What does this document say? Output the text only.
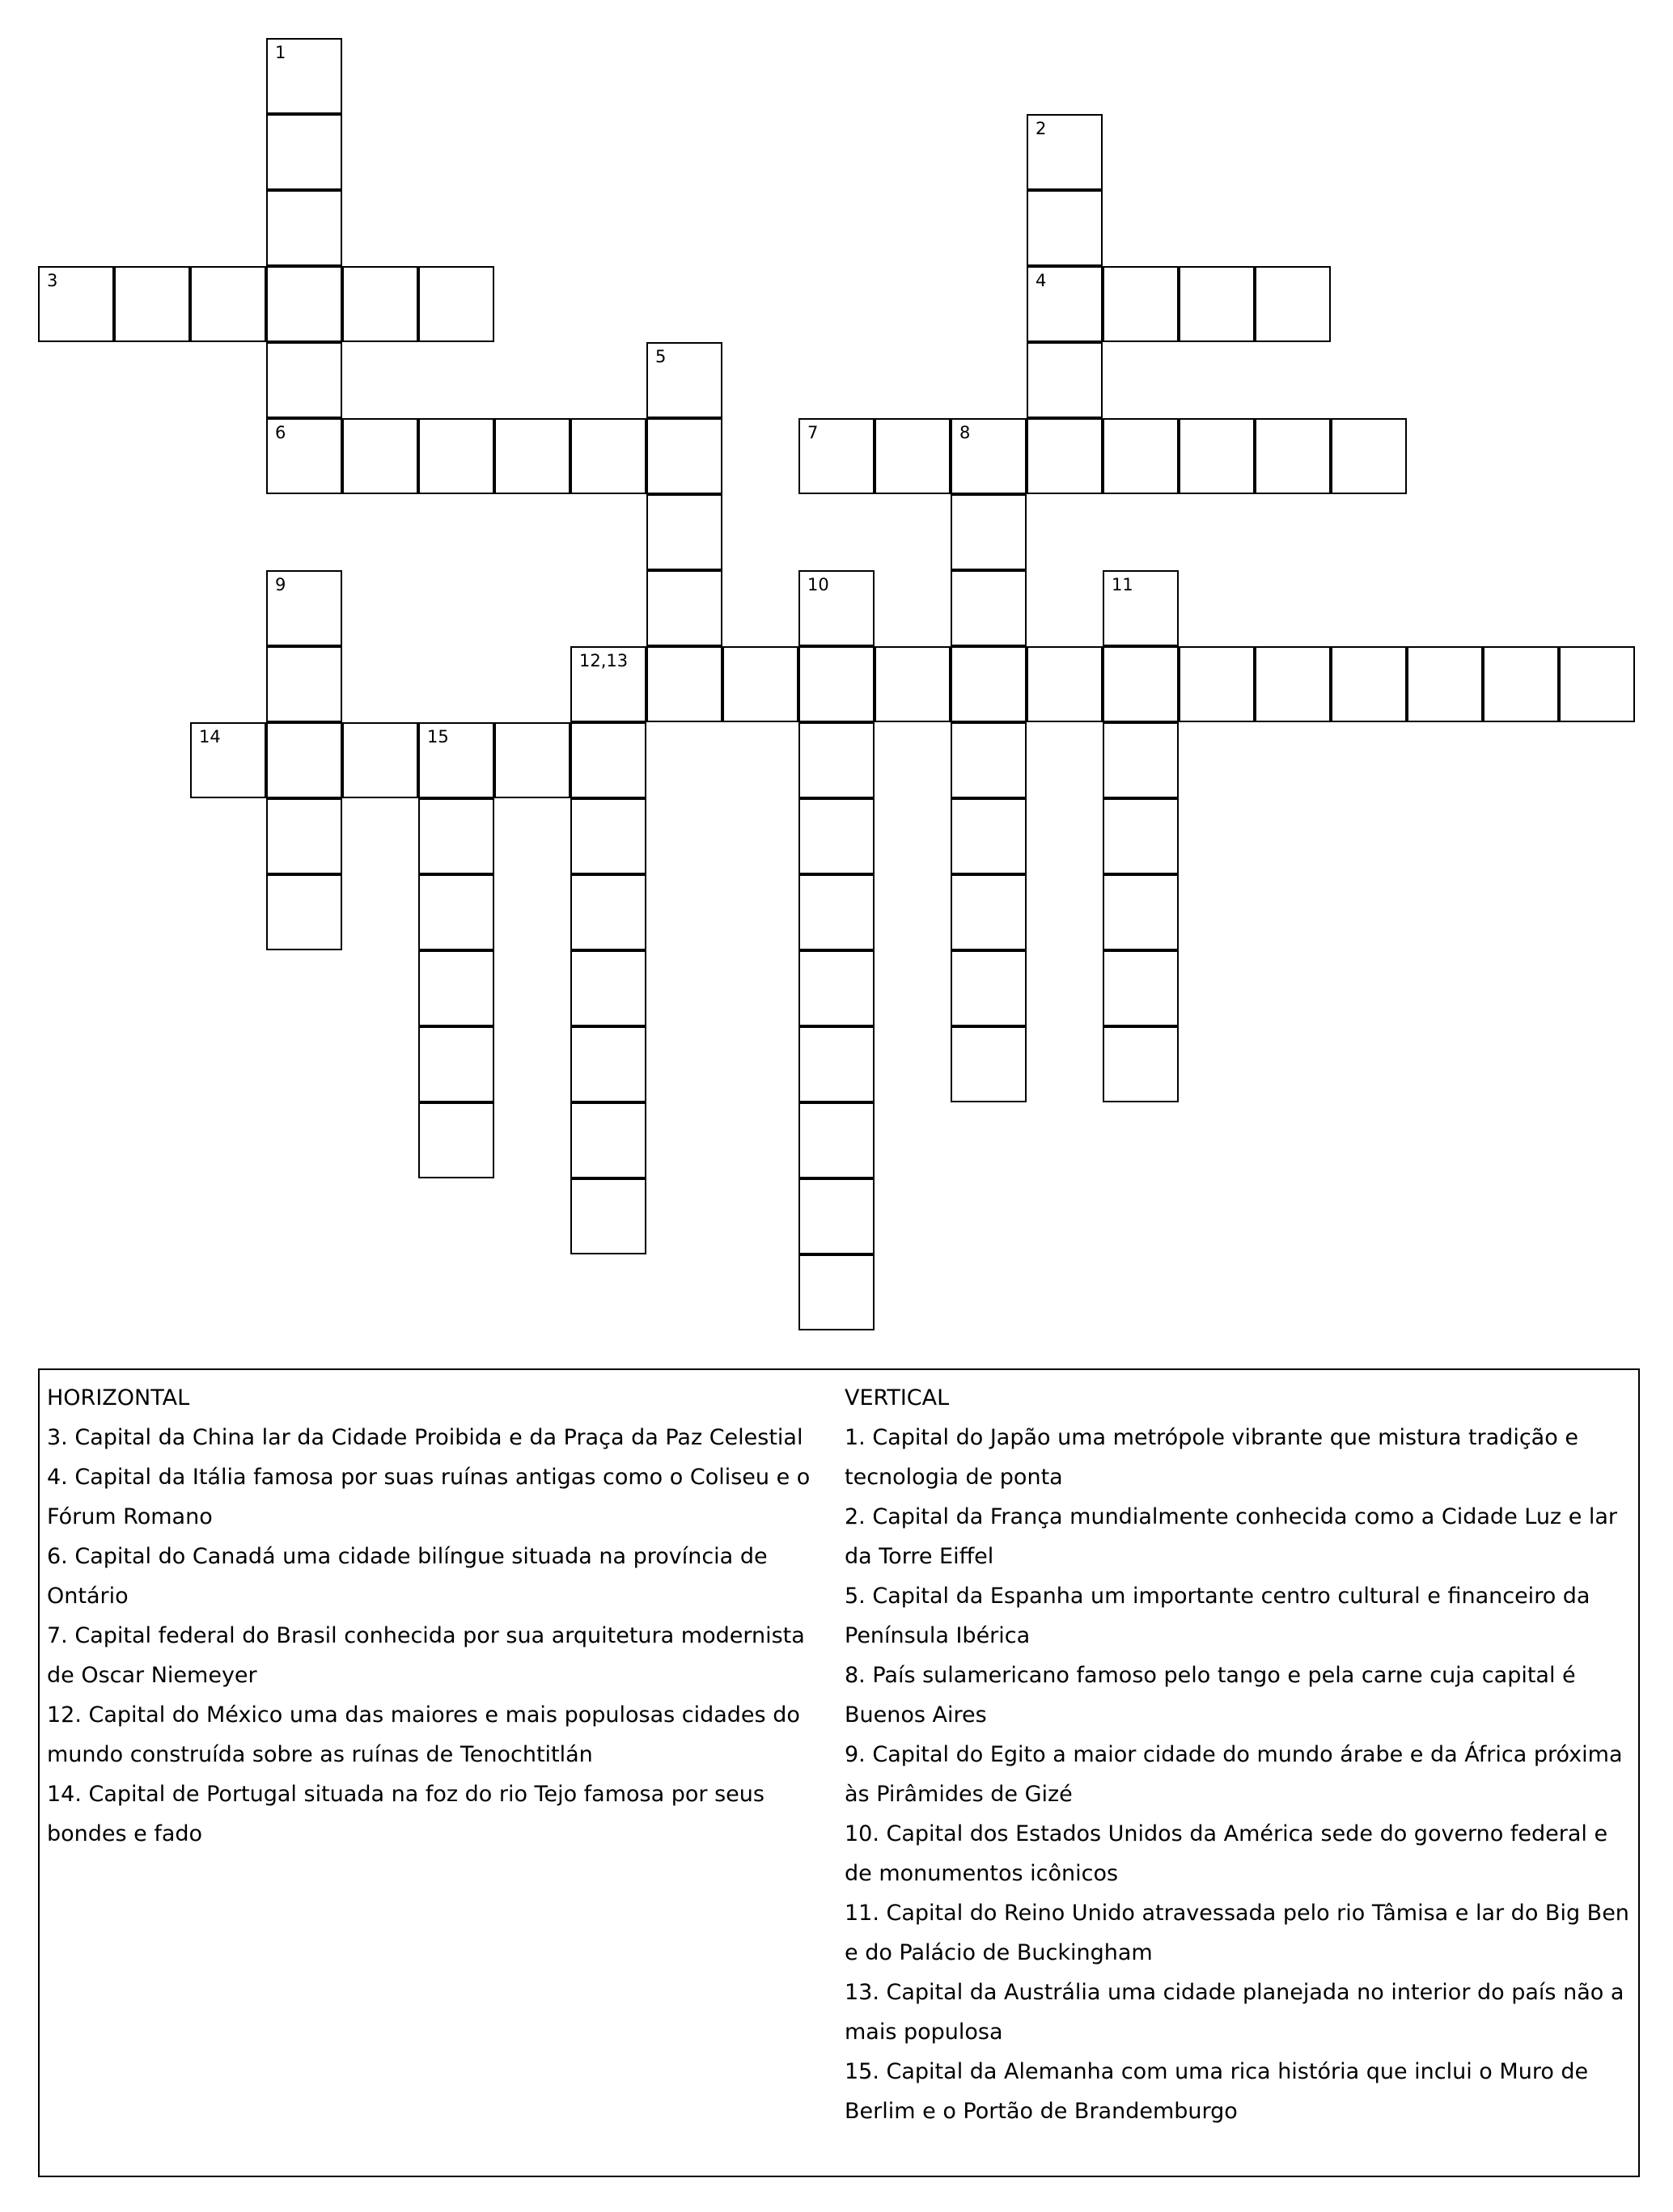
1
2
4
3
5
6	7	8
9	10	11
12,13
14	15
HORIZONTAL
3. Capital da China lar da Cidade Proibida e da Praça da Paz Celestial
4. Capital da Itália famosa por suas ruínas antigas como o Coliseu e o Fórum Romano
6. Capital do Canadá uma cidade bilíngue situada na província de Ontário
7. Capital federal do Brasil conhecida por sua arquitetura modernista de Oscar Niemeyer
12. Capital do México uma das maiores e mais populosas cidades do mundo construída sobre as ruínas de Tenochtitlán
14. Capital de Portugal situada na foz do rio Tejo famosa por seus bondes e fado
VERTICAL
1. Capital do Japão uma metrópole vibrante que mistura tradição e tecnologia de ponta
2. Capital da França mundialmente conhecida como a Cidade Luz e lar da Torre Eiffel
5. Capital da Espanha um importante centro cultural e financeiro da Península Ibérica
8. País sulamericano famoso pelo tango e pela carne cuja capital é Buenos Aires
9. Capital do Egito a maior cidade do mundo árabe e da África próxima às Pirâmides de Gizé
10. Capital dos Estados Unidos da América sede do governo federal e de monumentos icônicos
11. Capital do Reino Unido atravessada pelo rio Tâmisa e lar do Big Ben e do Palácio de Buckingham
13. Capital da Austrália uma cidade planejada no interior do país não a mais populosa
15. Capital da Alemanha com uma rica história que inclui o Muro de Berlim e o Portão de Brandemburgo
